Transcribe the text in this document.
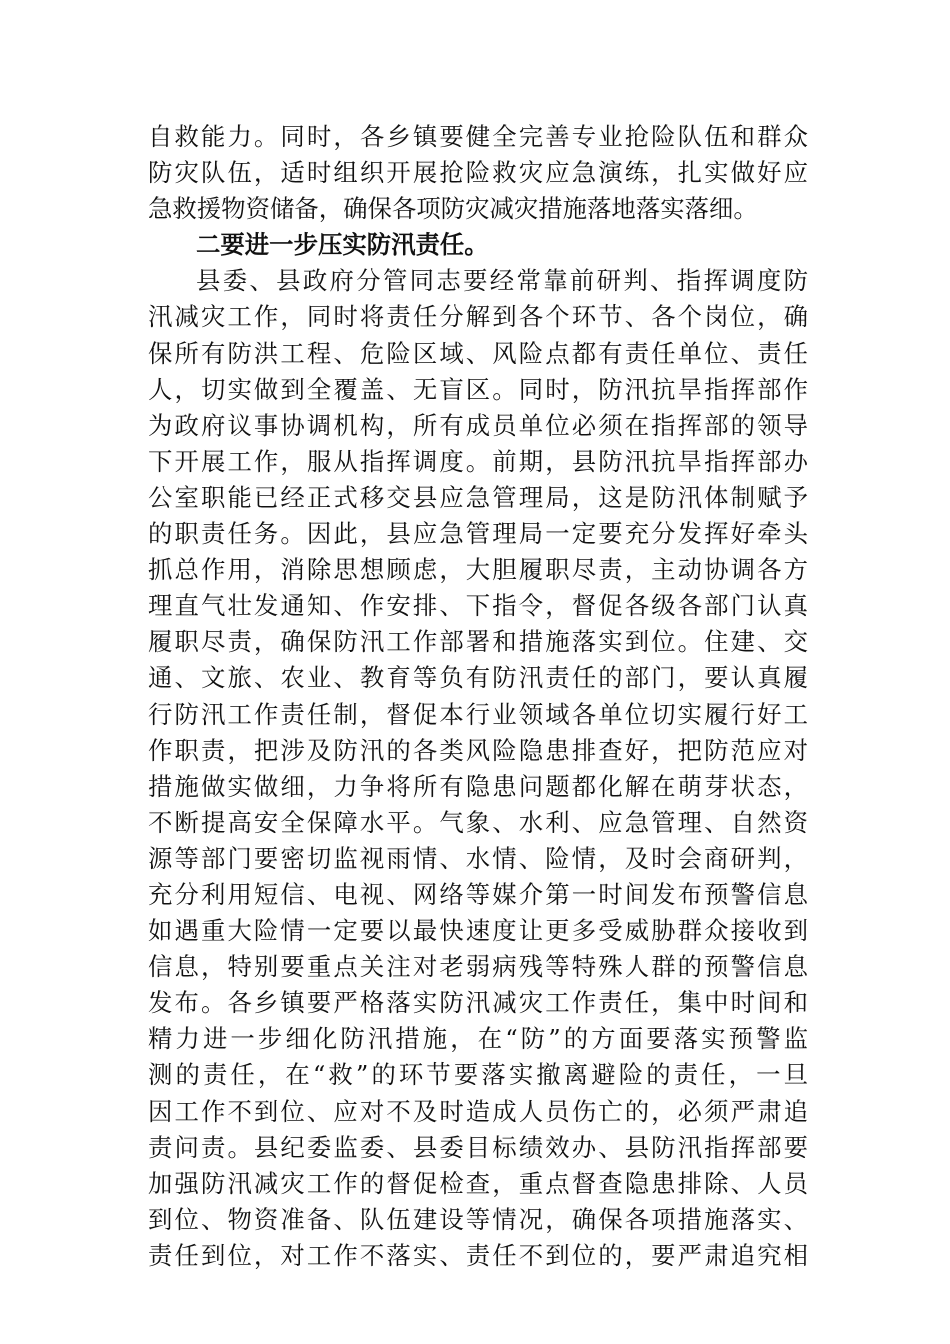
自救能力。同时，各乡镇要健全完善专业抢险队伍和群众
防灾队伍，适时组织开展抢险救灾应急演练，扎实做好应
急救援物资储备，确保各项防灾减灾措施落地落实落细。
二要进一步压实防汛责任。
县委、县政府分管同志要经常靠前研判、指挥调度防
汛减灾工作，同时将责任分解到各个环节、各个岗位，确
保所有防洪工程、危险区域、风险点都有责任单位、责任
人，切实做到全覆盖、无盲区。同时，防汛抗旱指挥部作
为政府议事协调机构，所有成员单位必须在指挥部的领导
下开展工作，服从指挥调度。前期，县防汛抗旱指挥部办
公室职能已经正式移交县应急管理局，这是防汛体制赋予
的职责任务。因此，县应急管理局一定要充分发挥好牵头
抓总作用，消除思想顾虑，大胆履职尽责，主动协调各方
理直气壮发通知、作安排、下指令，督促各级各部门认真
履职尽责，确保防汛工作部署和措施落实到位。住建、交
通、文旅、农业、教育等负有防汛责任的部门，要认真履
行防汛工作责任制，督促本行业领域各单位切实履行好工
作职责，把涉及防汛的各类风险隐患排查好，把防范应对
措施做实做细，力争将所有隐患问题都化解在萌芽状态，
不断提高安全保障水平。气象、水利、应急管理、自然资
源等部门要密切监视雨情、水情、险情，及时会商研判，
充分利用短信、电视、网络等媒介第一时间发布预警信息
如遇重大险情一定要以最快速度让更多受威胁群众接收到
信息，特别要重点关注对老弱病残等特殊人群的预警信息
发布。各乡镇要严格落实防汛减灾工作责任，集中时间和
精力进一步细化防汛措施，在“防”的方面要落实预警监
测的责任，在“救”的环节要落实撤离避险的责任，一旦
因工作不到位、应对不及时造成人员伤亡的，必须严肃追
责问责。县纪委监委、县委目标绩效办、县防汛指挥部要
加强防汛减灾工作的督促检查，重点督查隐患排除、人员
到位、物资准备、队伍建设等情况，确保各项措施落实、
责任到位，对工作不落实、责任不到位的，要严肃追究相
